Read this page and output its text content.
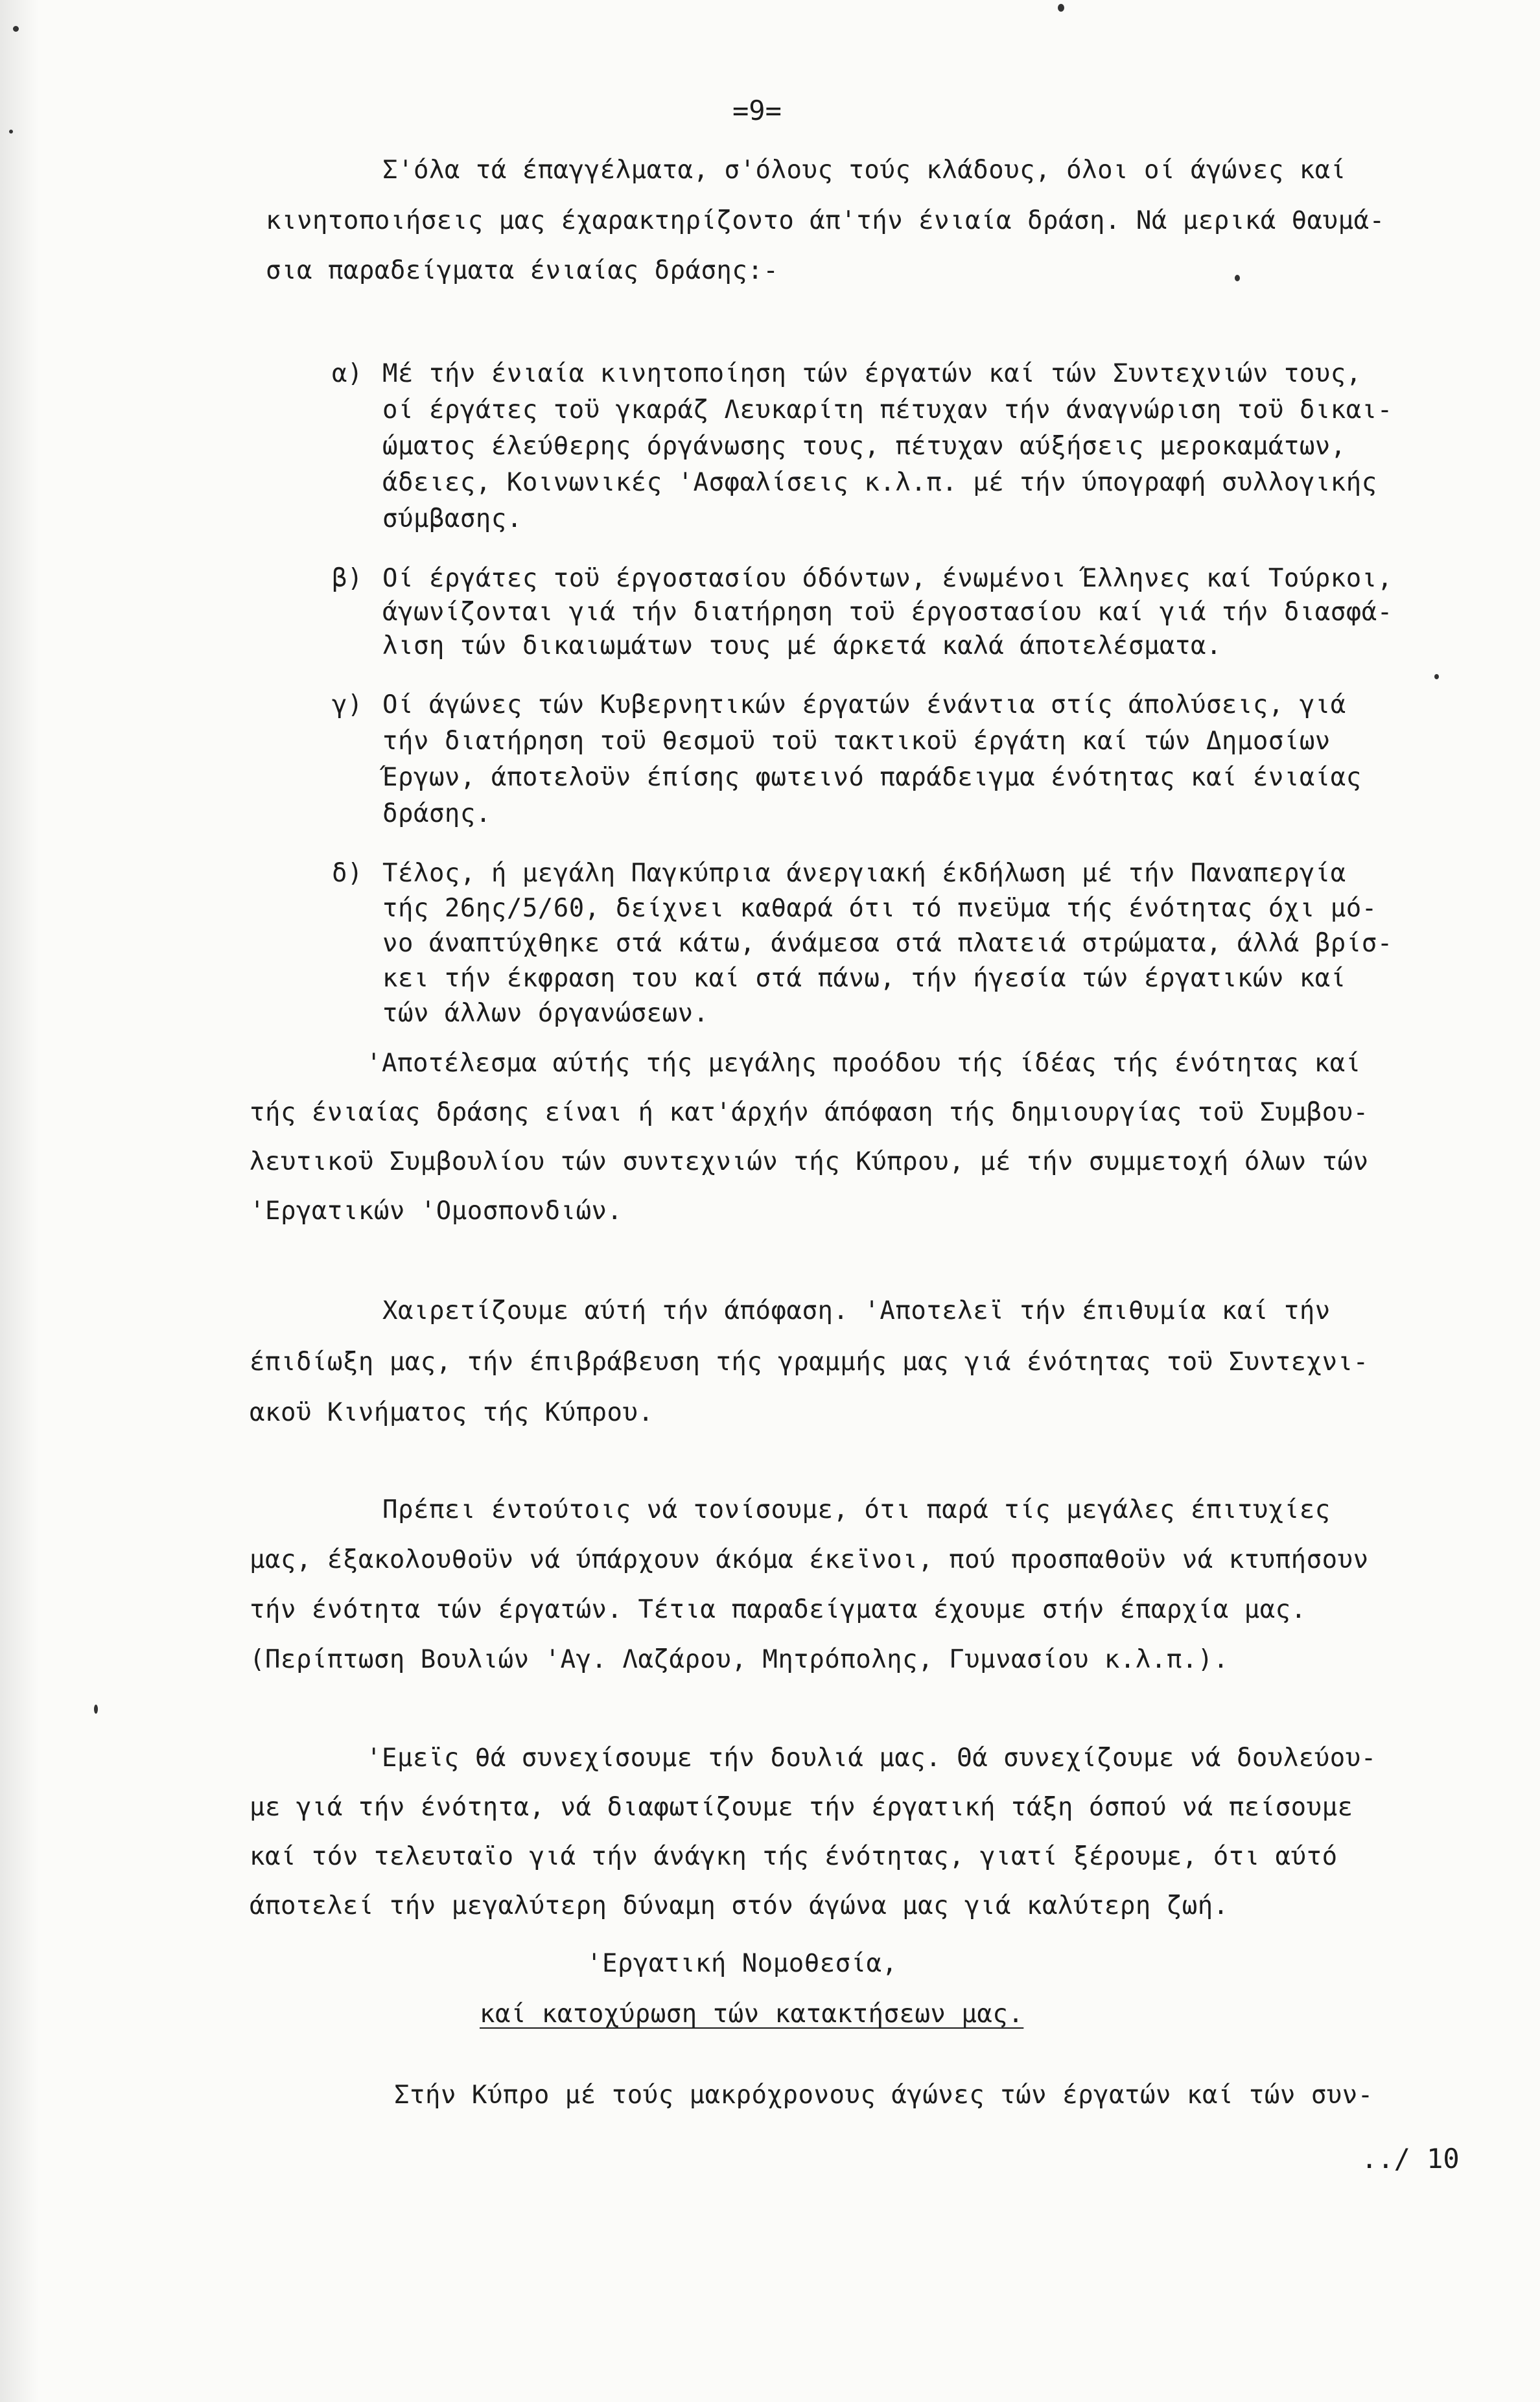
=9=
Σ'όλα τά έπαγγέλματα, σ'όλους τούς κλάδους, όλοι οί άγώνες καί
κινητοποιήσεις μας έχαρακτηρίζοντο άπ'τήν ένιαία δράση. Νά μερικά θαυμά-
σια παραδείγματα ένιαίας δράσης:-
α) Μέ τήν ένιαία κινητοποίηση τών έργατών καί τών Συντεχνιών τους,
οί έργάτες τοϋ γκαράζ Λευκαρίτη πέτυχαν τήν άναγνώριση τοϋ δικαι-
ώματος έλεύθερης όργάνωσης τους, πέτυχαν αύξήσεις μεροκαμάτων,
άδειες, Κοινωνικές 'Ασφαλίσεις κ.λ.π. μέ τήν ύπογραφή συλλογικής
σύμβασης.
β) Οί έργάτες τοϋ έργοστασίου όδόντων, ένωμένοι Έλληνες καί Τούρκοι,
άγωνίζονται γιά τήν διατήρηση τοϋ έργοστασίου καί γιά τήν διασφά-
λιση τών δικαιωμάτων τους μέ άρκετά καλά άποτελέσματα.
γ) Οί άγώνες τών Κυβερνητικών έργατών ένάντια στίς άπολύσεις, γιά
τήν διατήρηση τοϋ θεσμοϋ τοϋ τακτικοϋ έργάτη καί τών Δημοσίων
Έργων, άποτελοϋν έπίσης φωτεινό παράδειγμα ένότητας καί ένιαίας
δράσης.
δ) Τέλος, ή μεγάλη Παγκύπρια άνεργιακή έκδήλωση μέ τήν Παναπεργία
τής 26ης/5/60, δείχνει καθαρά ότι τό πνεϋμα τής ένότητας όχι μό-
νο άναπτύχθηκε στά κάτω, άνάμεσα στά πλατειά στρώματα, άλλά βρίσ-
κει τήν έκφραση του καί στά πάνω, τήν ήγεσία τών έργατικών καί
τών άλλων όργανώσεων.
'Αποτέλεσμα αύτής τής μεγάλης προόδου τής ίδέας τής ένότητας καί
τής ένιαίας δράσης είναι ή κατ'άρχήν άπόφαση τής δημιουργίας τοϋ Συμβου-
λευτικοϋ Συμβουλίου τών συντεχνιών τής Κύπρου, μέ τήν συμμετοχή όλων τών
'Εργατικών 'Ομοσπονδιών.
Χαιρετίζουμε αύτή τήν άπόφαση. 'Αποτελεϊ τήν έπιθυμία καί τήν
έπιδίωξη μας, τήν έπιβράβευση τής γραμμής μας γιά ένότητας τοϋ Συντεχνι-
ακοϋ Κινήματος τής Κύπρου.
Πρέπει έντούτοις νά τονίσουμε, ότι παρά τίς μεγάλες έπιτυχίες
μας, έξακολουθοϋν νά ύπάρχουν άκόμα έκεϊνοι, πού προσπαθοϋν νά κτυπήσουν
τήν ένότητα τών έργατών. Τέτια παραδείγματα έχουμε στήν έπαρχία μας.
(Περίπτωση Βουλιών 'Αγ. Λαζάρου, Μητρόπολης, Γυμνασίου κ.λ.π.).
'Εμεϊς θά συνεχίσουμε τήν δουλιά μας. Θά συνεχίζουμε νά δουλεύου-
με γιά τήν ένότητα, νά διαφωτίζουμε τήν έργατική τάξη όσπού νά πείσουμε
καί τόν τελευταϊο γιά τήν άνάγκη τής ένότητας, γιατί ξέρουμε, ότι αύτό
άποτελεί τήν μεγαλύτερη δύναμη στόν άγώνα μας γιά καλύτερη ζωή.
'Εργατική Νομοθεσία,
καί κατοχύρωση τών κατακτήσεων μας.
Στήν Κύπρο μέ τούς μακρόχρονους άγώνες τών έργατών καί τών συν-
../ 10
